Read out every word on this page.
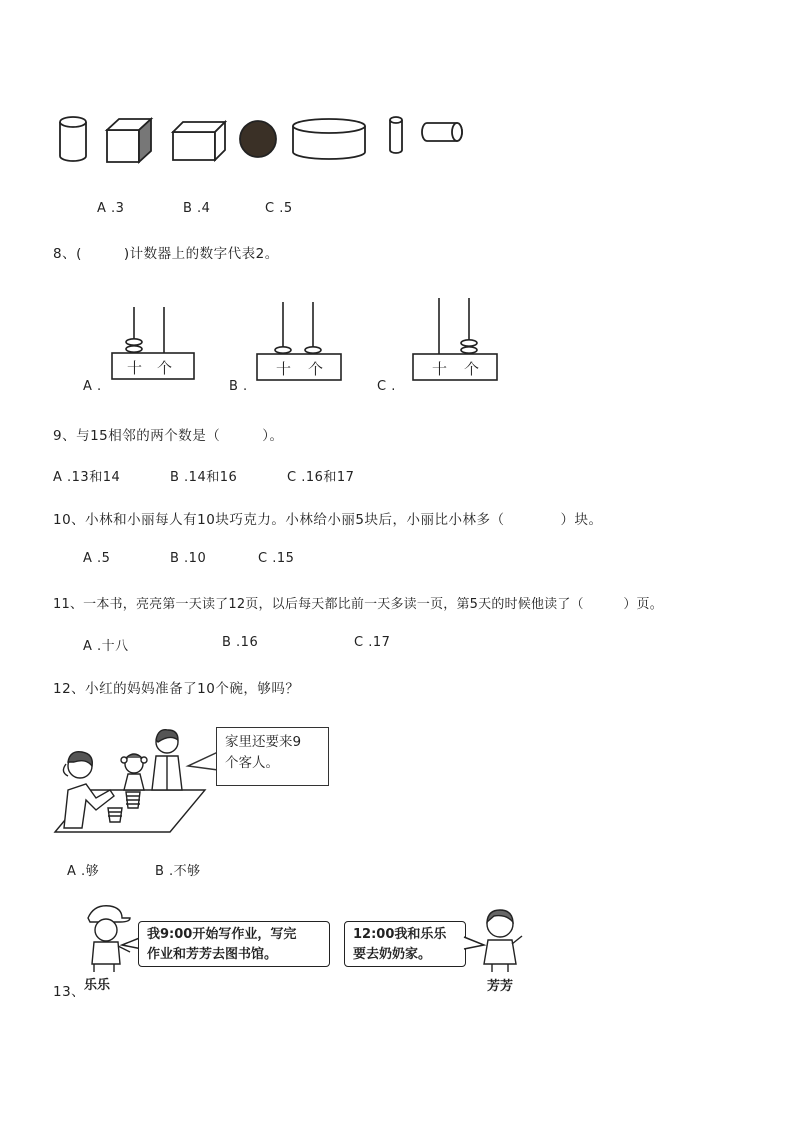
A .3	B .4	C .5
8、(　　　)计数器上的数字代表2。
十 个
A .
十 个
B .
十 个
C .
9、与15相邻的两个数是（　　　）。
A .13和14	B .14和16	C .16和17
10、小林和小丽每人有10块巧克力。小林给小丽5块后，小丽比小林多（　　　　）块。
A .5	B .10	C .15
11、一本书，亮亮第一天读了12页，以后每天都比前一天多读一页，第5天的时候他读了（　　　）页。
A .十八	B .16	C .17
12、小红的妈妈准备了10个碗，够吗？
家里还要来9
个客人。
A .够	B .不够
我9:00开始写作业，写完
作业和芳芳去图书馆。
12:00我和乐乐
要去奶奶家。
13、
乐乐	芳芳
